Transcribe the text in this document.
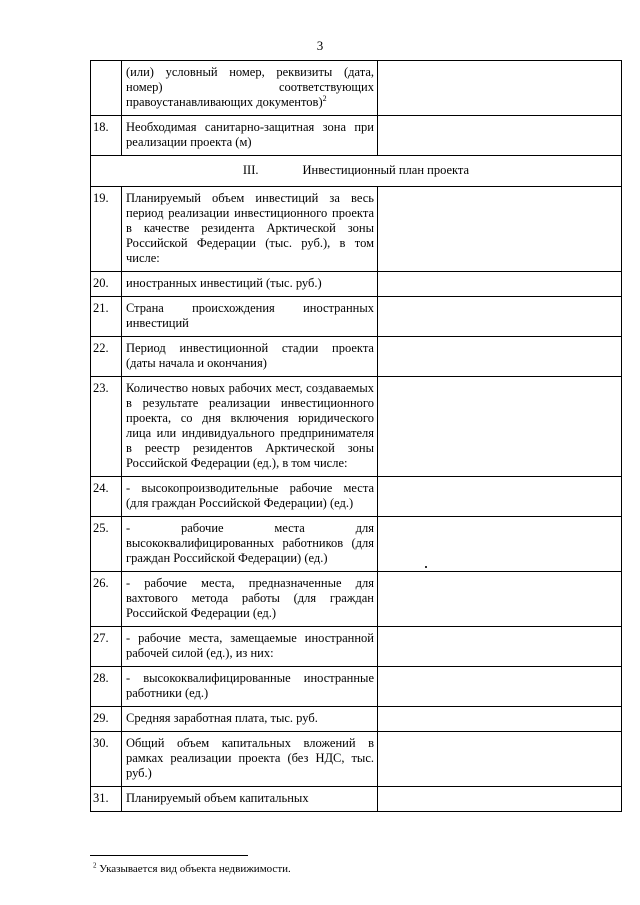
3
	(или) условный номер, реквизиты (дата, номер) соответствующих правоустанавливающих документов)$^2$	
18.	Необходимая санитарно-защитная зона при реализации проекта (м)	
III. Инвестиционный план проекта		
19.	Планируемый объем инвестиций за весь период реализации инвестиционного проекта в качестве резидента Арктической зоны Российской Федерации (тыс. руб.), в том числе:	
20.	иностранных инвестиций (тыс. руб.)	
21.	Страна происхождения иностранных инвестиций	
22.	Период инвестиционной стадии проекта (даты начала и окончания)	
23.	Количество новых рабочих мест, создаваемых в результате реализации инвестиционного проекта, со дня включения юридического лица или индивидуального предпринимателя в реестр резидентов Арктической зоны Российской Федерации (ед.), в том числе:	
24.	- высокопроизводительные рабочие места (для граждан Российской Федерации) (ед.)	
25.	- рабочие места для высококвалифицированных работников (для граждан Российской Федерации) (ед.)	
26.	- рабочие места, предназначенные для вахтового метода работы (для граждан Российской Федерации (ед.)	
27.	- рабочие места, замещаемые иностранной рабочей силой (ед.), из них:	
28.	- высококвалифицированные иностранные работники (ед.)	
29.	Средняя заработная плата, тыс. руб.	
30.	Общий объем капитальных вложений в рамках реализации проекта (без НДС, тыс. руб.)	
31.	Планируемый объем капитальных	
$^2$ Указывается вид объекта недвижимости.
